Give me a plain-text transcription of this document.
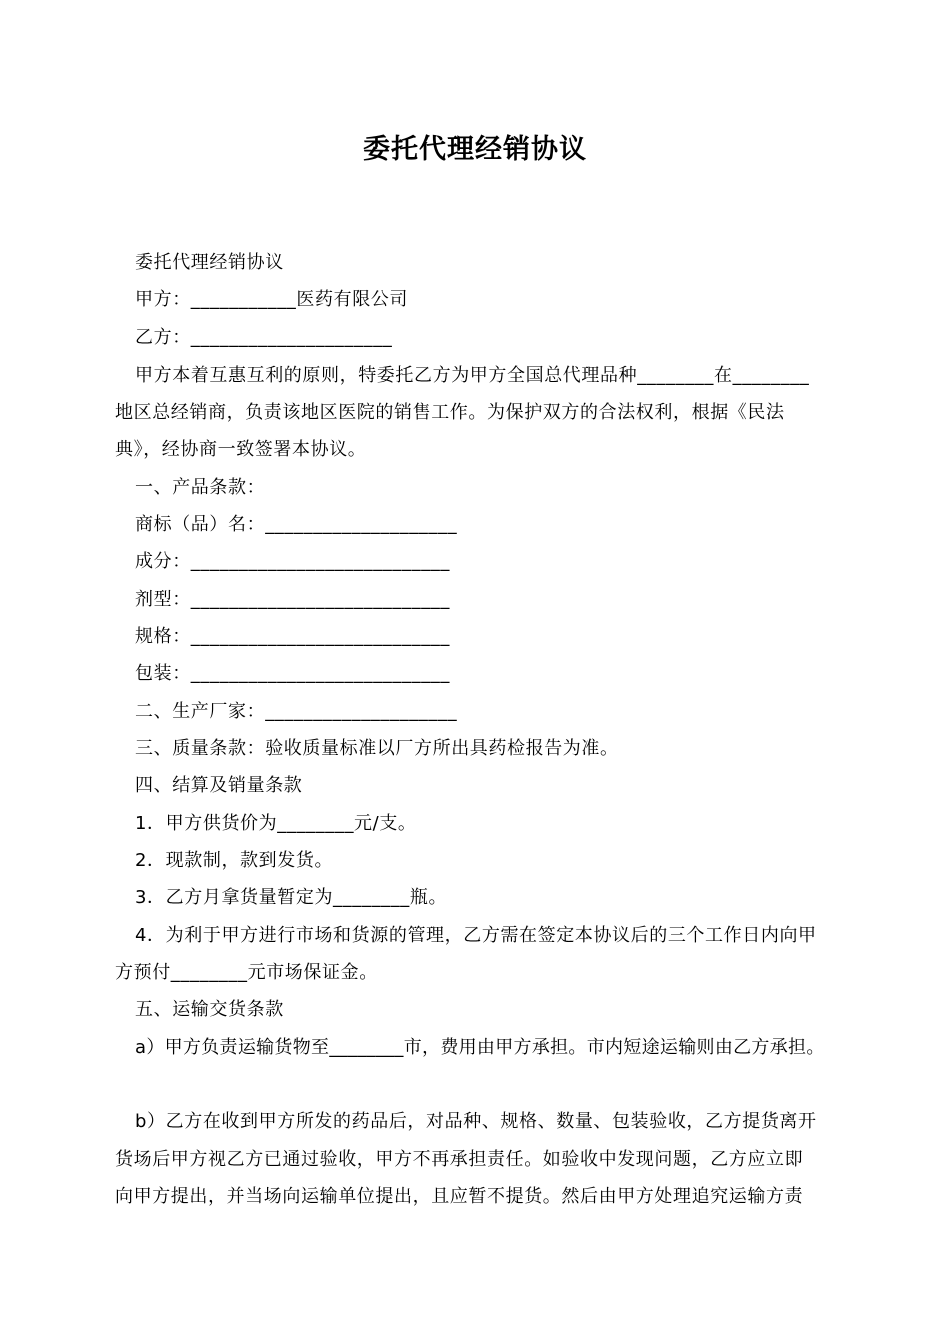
委托代理经销协议
委托代理经销协议
甲方：___________医药有限公司
乙方：_____________________
甲方本着互惠互利的原则，特委托乙方为甲方全国总代理品种________在________
地区总经销商，负责该地区医院的销售工作。为保护双方的合法权利，根据《民法
典》，经协商一致签署本协议。
一、产品条款：
商标（品）名：____________________
成分：___________________________
剂型：___________________________
规格：___________________________
包装：___________________________
二、生产厂家：____________________
三、质量条款：验收质量标准以厂方所出具药检报告为准。
四、结算及销量条款
1．甲方供货价为________元/支。
2．现款制，款到发货。
3．乙方月拿货量暂定为________瓶。
4．为利于甲方进行市场和货源的管理，乙方需在签定本协议后的三个工作日内向甲
方预付________元市场保证金。
五、运输交货条款
a）甲方负责运输货物至________市，费用由甲方承担。市内短途运输则由乙方承担。
b）乙方在收到甲方所发的药品后，对品种、规格、数量、包装验收，乙方提货离开
货场后甲方视乙方已通过验收，甲方不再承担责任。如验收中发现问题，乙方应立即
向甲方提出，并当场向运输单位提出，且应暂不提货。然后由甲方处理追究运输方责
